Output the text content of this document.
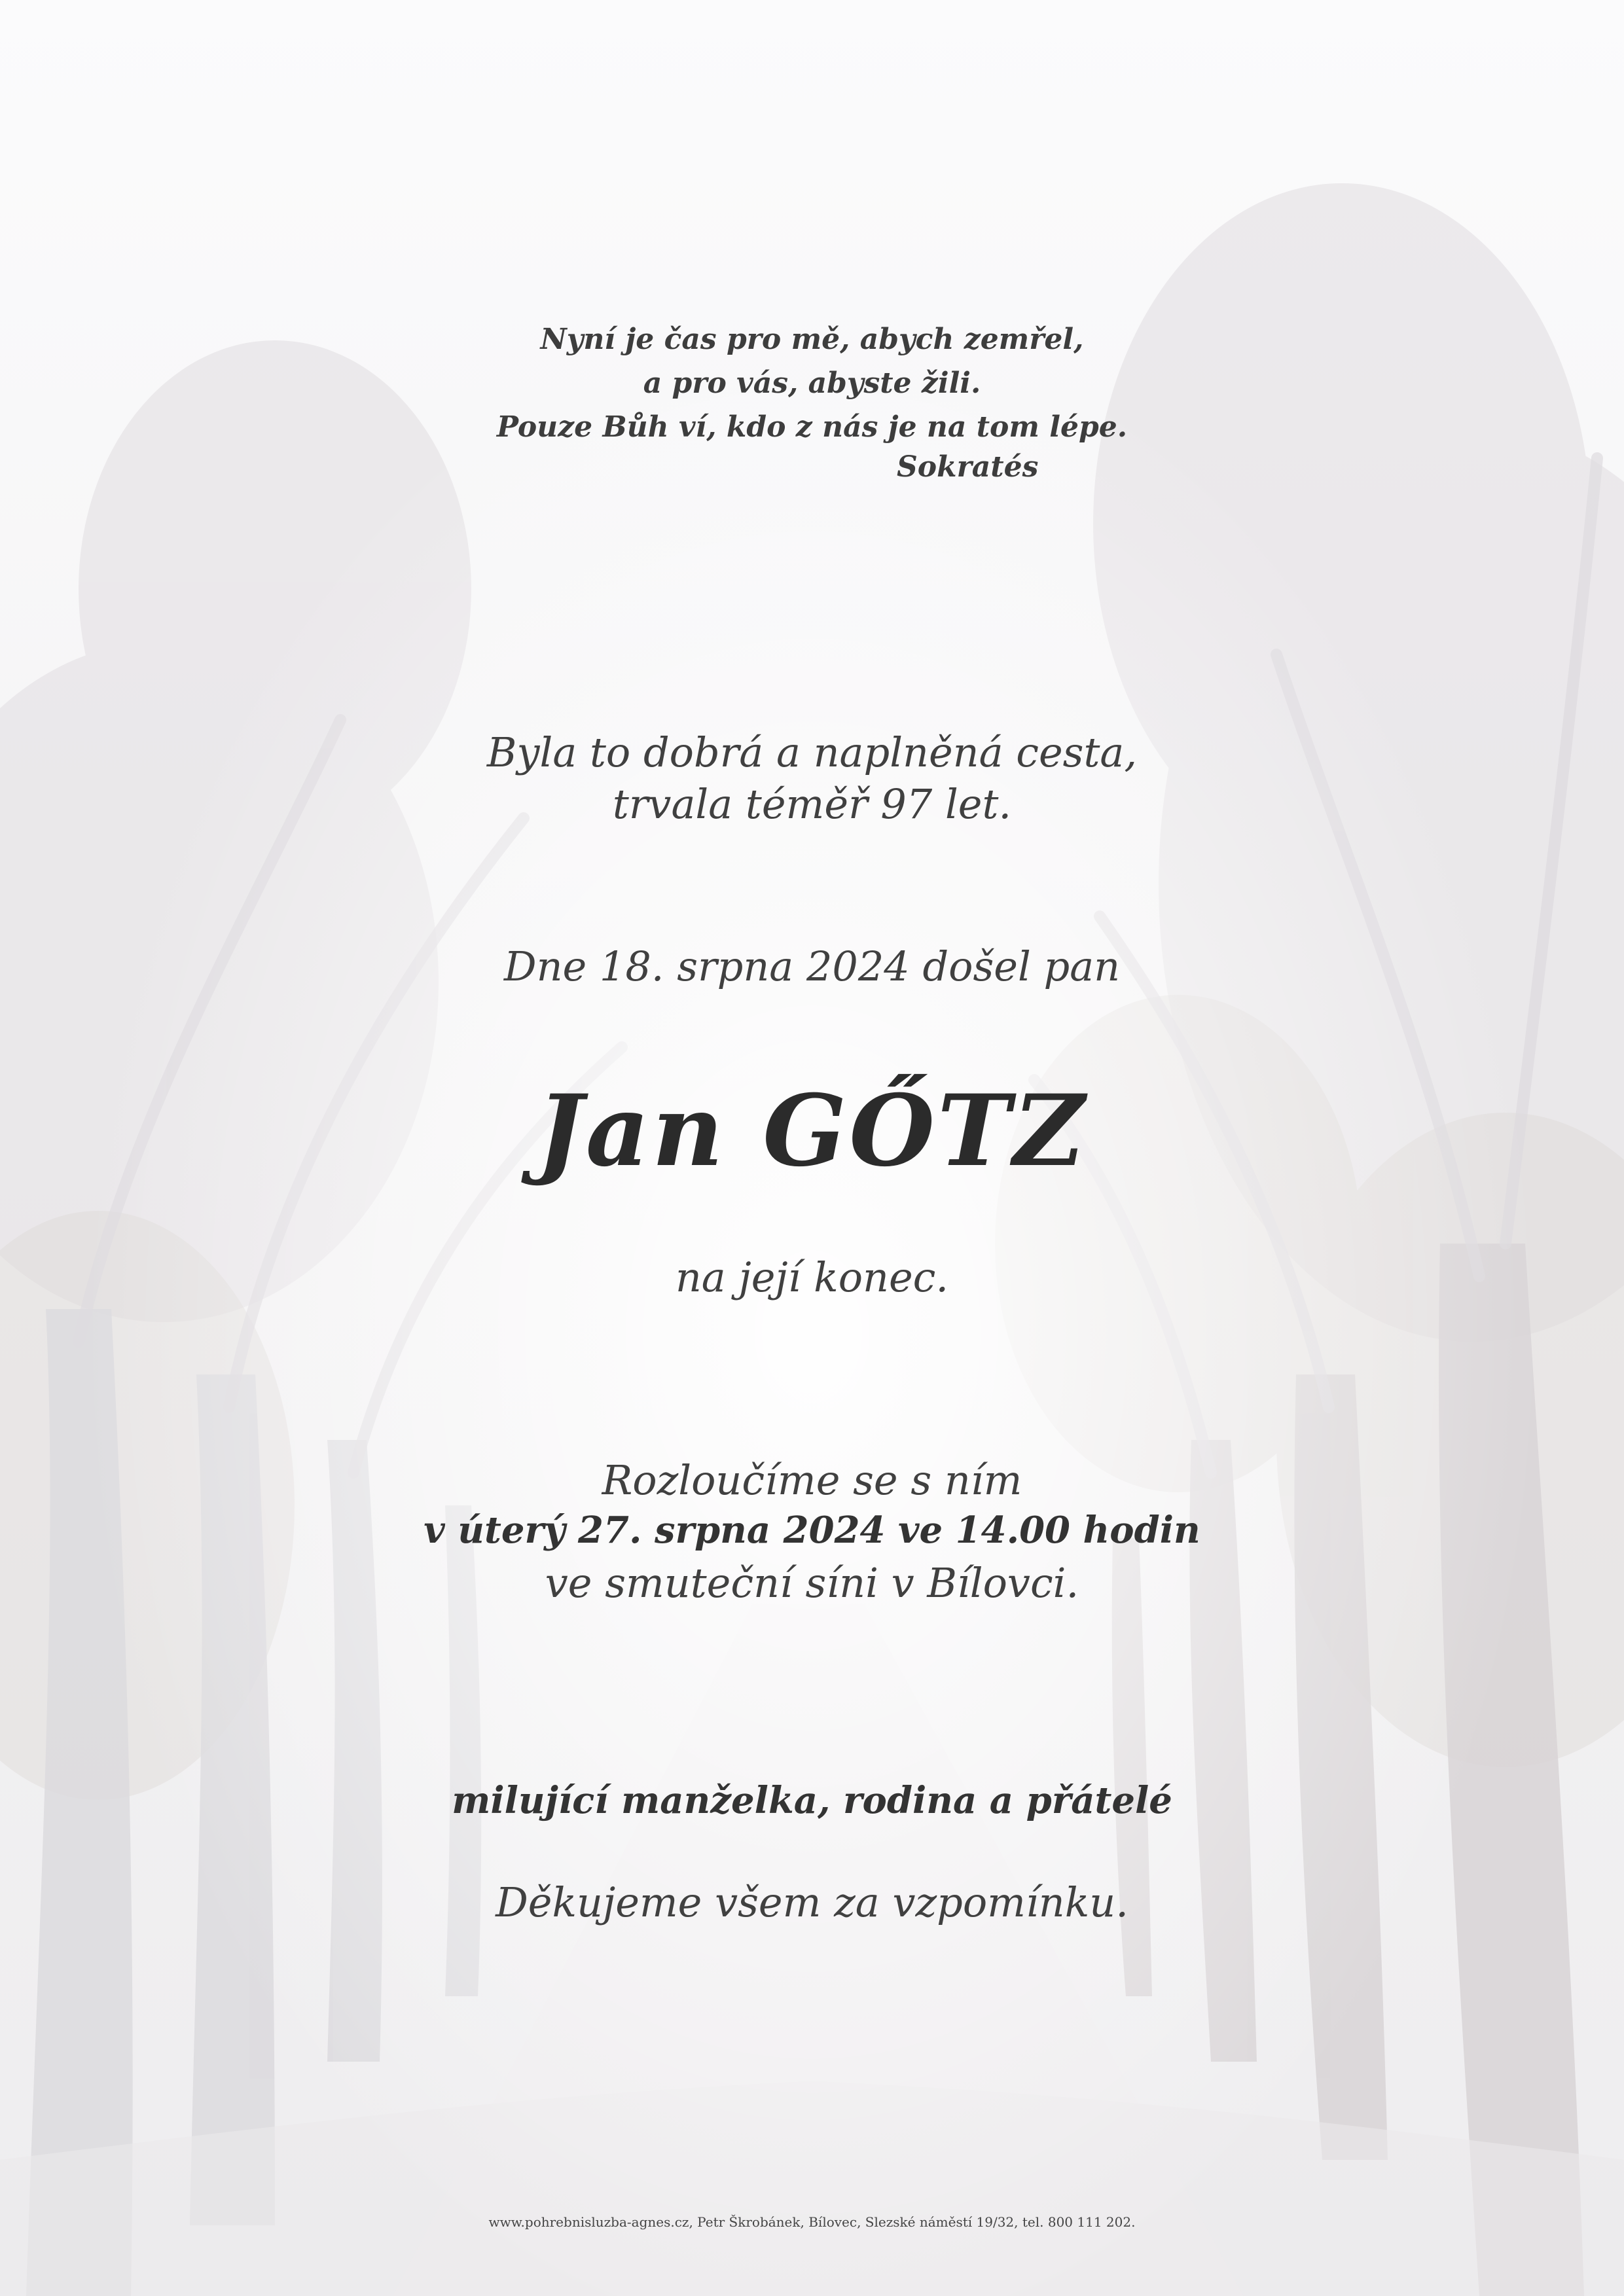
Nyní je čas pro mě, abych zemřel,
a pro vás, abyste žili.
Pouze Bůh ví, kdo z nás je na tom lépe.
Sokratés
Byla to dobrá a naplněná cesta,
trvala téměř 97 let.
Dne 18. srpna 2024 došel pan
Jan GŐTZ
na její konec.
Rozloučíme se s ním
v úterý 27. srpna 2024 ve 14.00 hodin
ve smuteční síni v Bílovci.
milující manželka, rodina a přátelé
Děkujeme všem za vzpomínku.
www.pohrebnisluzba-agnes.cz, Petr Škrobánek, Bílovec, Slezské náměstí 19/32, tel. 800 111 202.
